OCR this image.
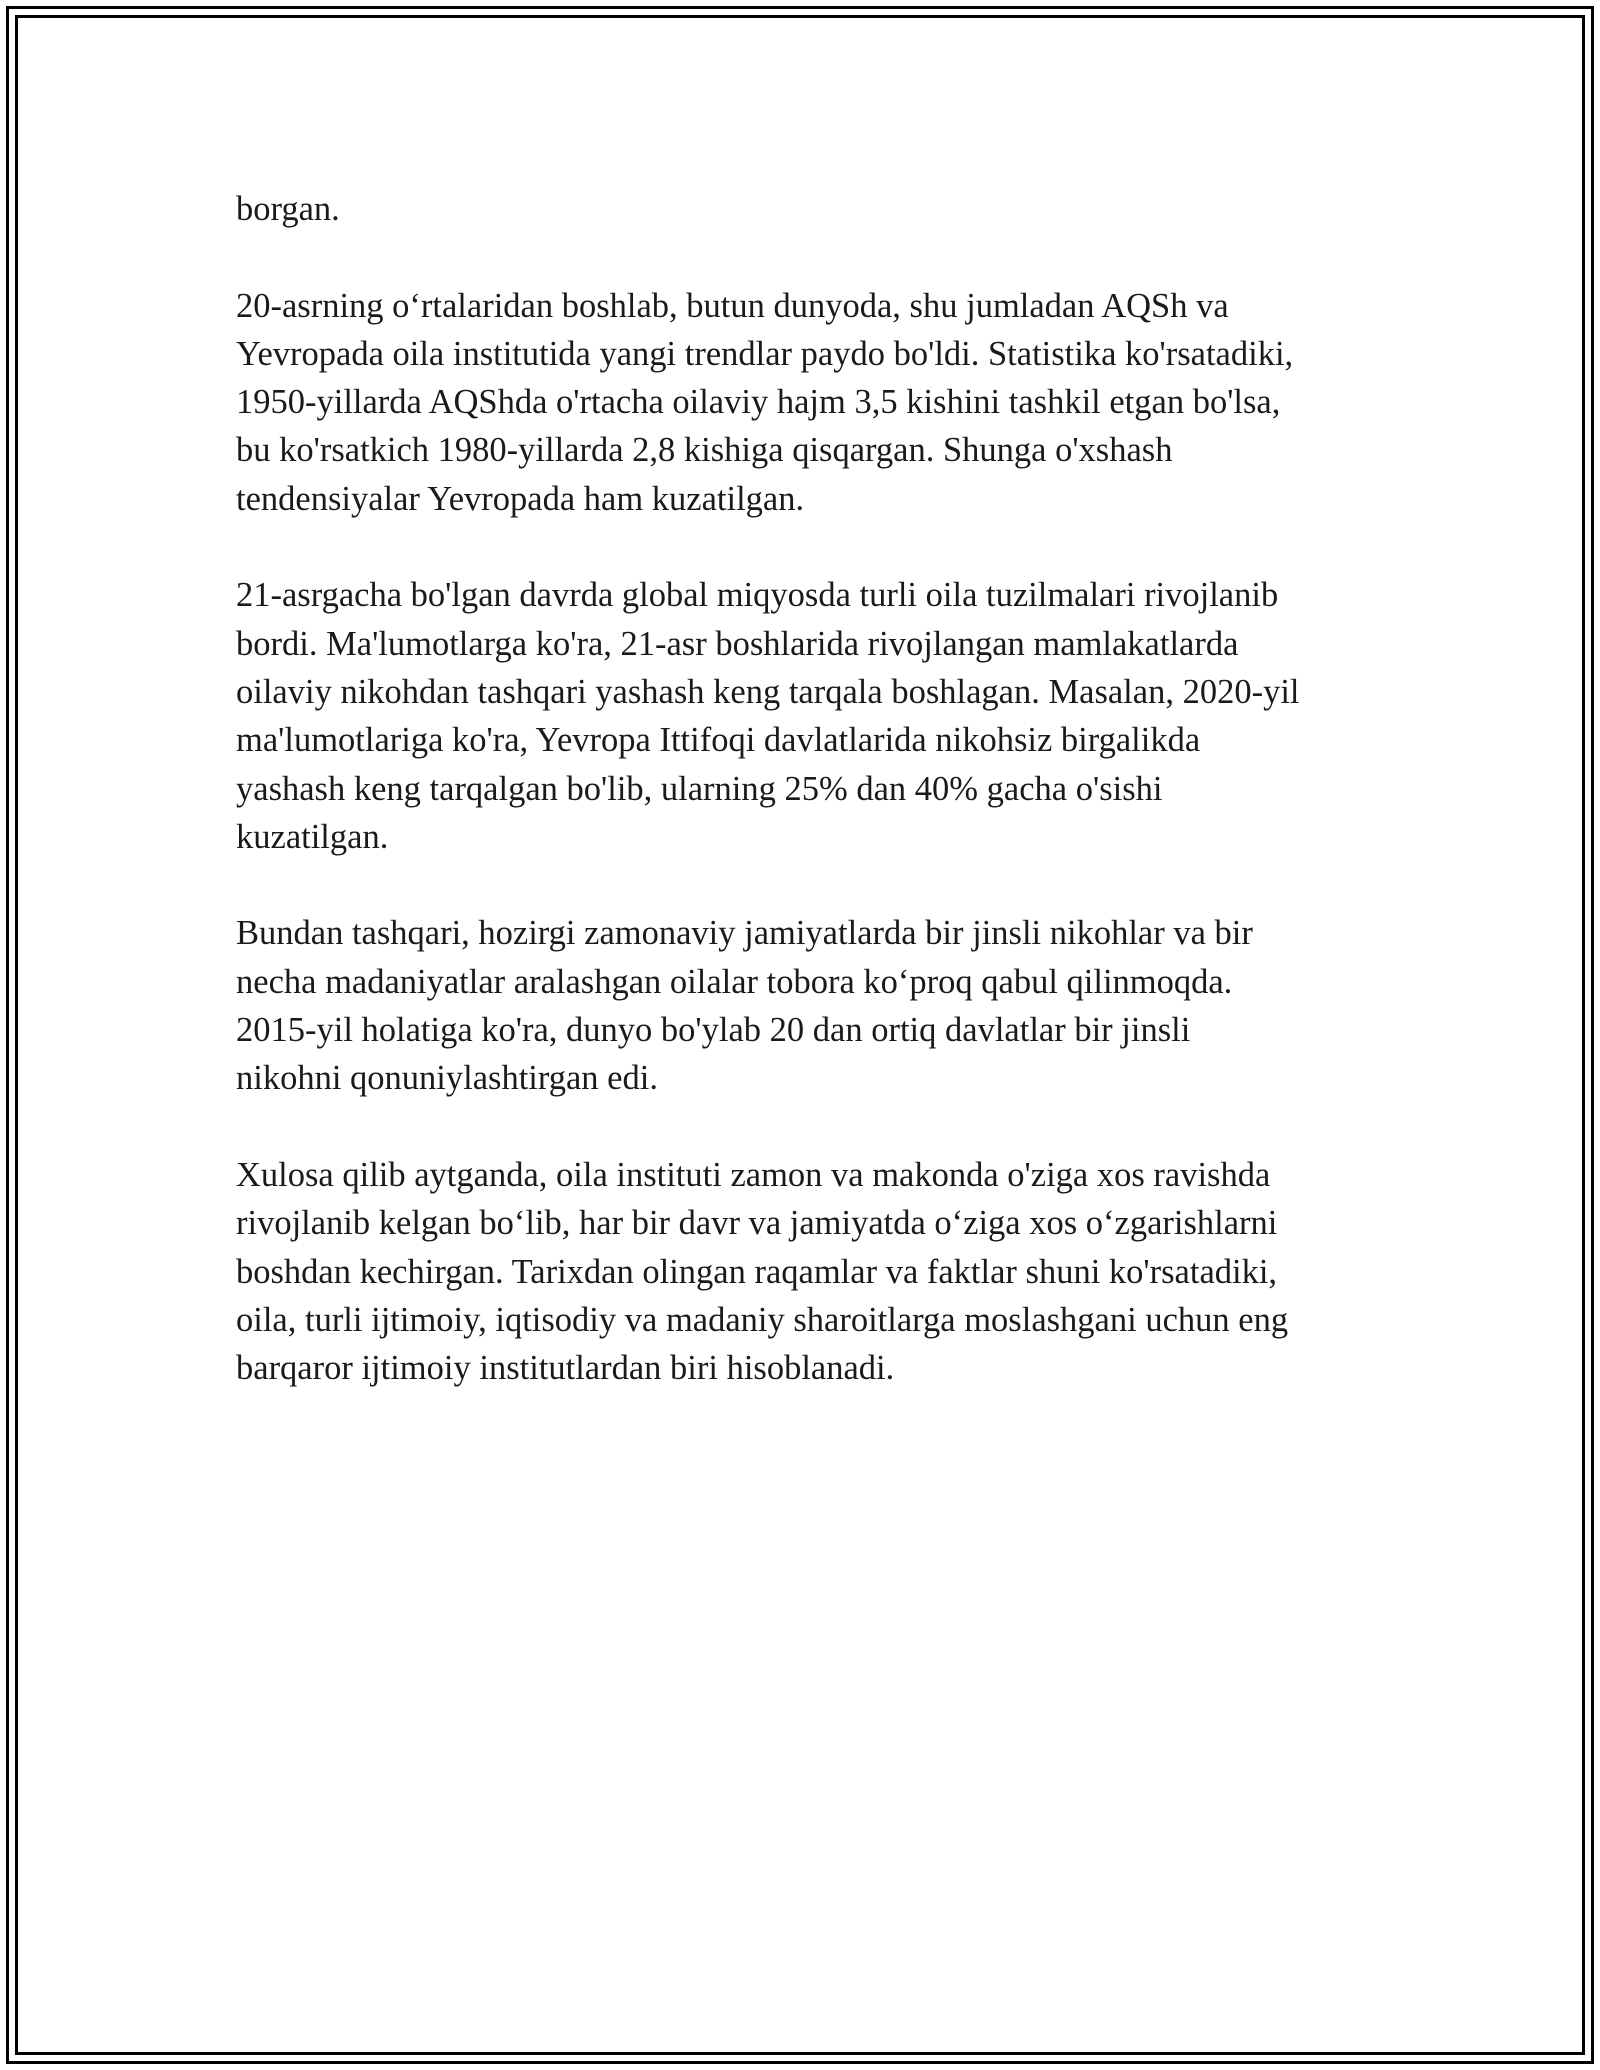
borgan.

20-asrning o‘rtalaridan boshlab, butun dunyoda, shu jumladan AQSh va
Yevropada oila institutida yangi trendlar paydo bo'ldi. Statistika ko'rsatadiki,
1950-yillarda AQShda o'rtacha oilaviy hajm 3,5 kishini tashkil etgan bo'lsa,
bu ko'rsatkich 1980-yillarda 2,8 kishiga qisqargan. Shunga o'xshash
tendensiyalar Yevropada ham kuzatilgan.

21-asrgacha bo'lgan davrda global miqyosda turli oila tuzilmalari rivojlanib
bordi. Ma'lumotlarga ko'ra, 21-asr boshlarida rivojlangan mamlakatlarda
oilaviy nikohdan tashqari yashash keng tarqala boshlagan. Masalan, 2020-yil
ma'lumotlariga ko'ra, Yevropa Ittifoqi davlatlarida nikohsiz birgalikda
yashash keng tarqalgan bo'lib, ularning 25% dan 40% gacha o'sishi
kuzatilgan.

Bundan tashqari, hozirgi zamonaviy jamiyatlarda bir jinsli nikohlar va bir
necha madaniyatlar aralashgan oilalar tobora ko‘proq qabul qilinmoqda.
2015-yil holatiga ko'ra, dunyo bo'ylab 20 dan ortiq davlatlar bir jinsli
nikohni qonuniylashtirgan edi.

Xulosa qilib aytganda, oila instituti zamon va makonda o'ziga xos ravishda
rivojlanib kelgan bo‘lib, har bir davr va jamiyatda o‘ziga xos o‘zgarishlarni
boshdan kechirgan. Tarixdan olingan raqamlar va faktlar shuni ko'rsatadiki,
oila, turli ijtimoiy, iqtisodiy va madaniy sharoitlarga moslashgani uchun eng
barqaror ijtimoiy institutlardan biri hisoblanadi.
